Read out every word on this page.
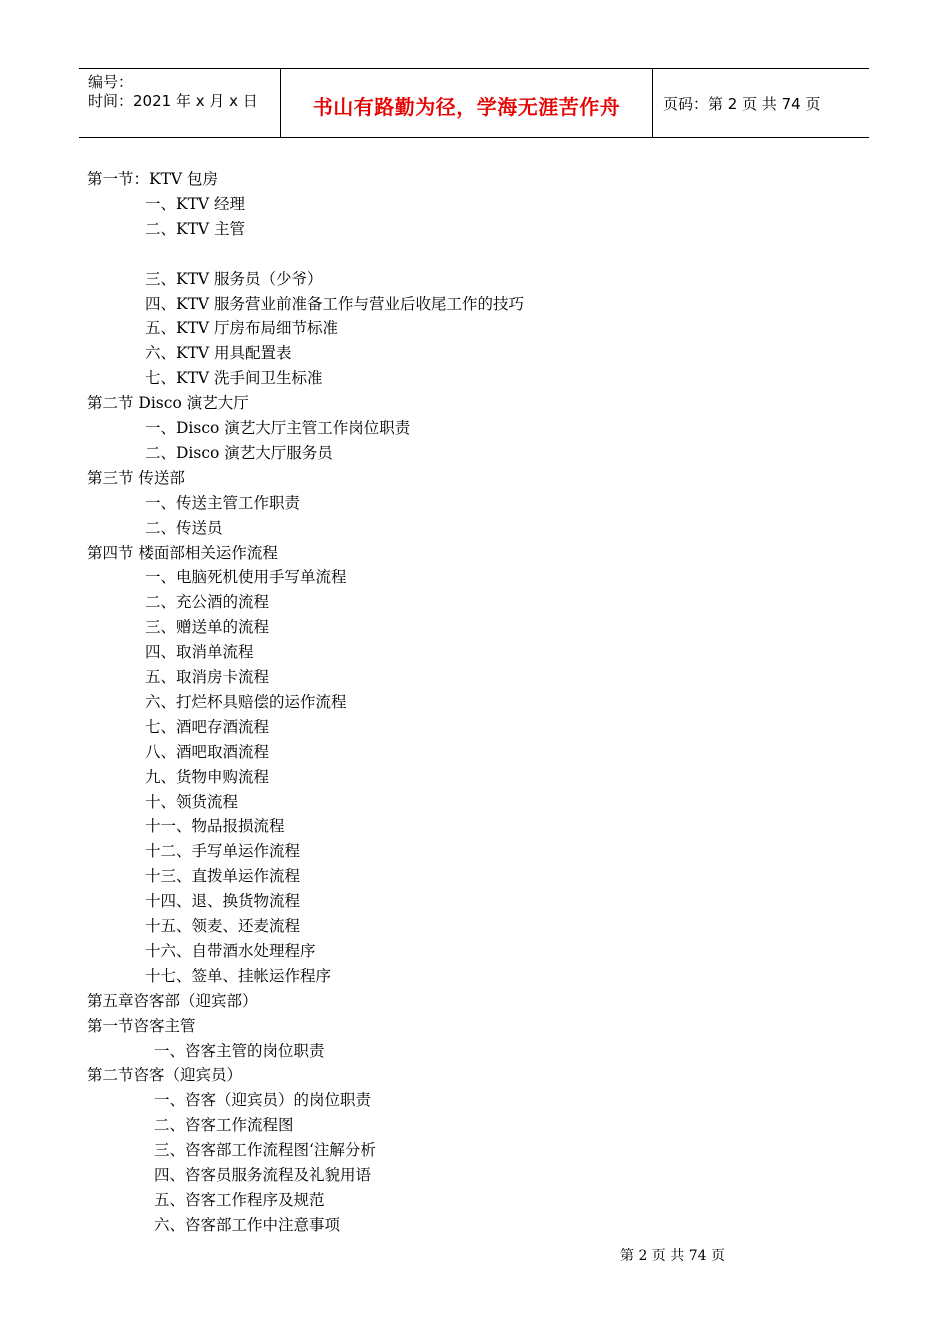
编号：
时间：2021 年 x 月 x 日	书山有路勤为径，学海无涯苦作舟	页码：第 2 页 共 74 页
第一节：KTV 包房
一、KTV 经理
二、KTV 主管
三、KTV 服务员（少爷）
四、KTV 服务营业前准备工作与营业后收尾工作的技巧
五、KTV 厅房布局细节标准
六、KTV 用具配置表
七、KTV 洗手间卫生标准
第二节 Disco 演艺大厅
一、Disco 演艺大厅主管工作岗位职责
二、Disco 演艺大厅服务员
第三节 传送部
一、传送主管工作职责
二、传送员
第四节 楼面部相关运作流程
一、电脑死机使用手写单流程
二、充公酒的流程
三、赠送单的流程
四、取消单流程
五、取消房卡流程
六、打烂杯具赔偿的运作流程
七、酒吧存酒流程
八、酒吧取酒流程
九、货物申购流程
十、领货流程
十一、物品报损流程
十二、手写单运作流程
十三、直拨单运作流程
十四、退、换货物流程
十五、领麦、还麦流程
十六、自带酒水处理程序
十七、签单、挂帐运作程序
第五章咨客部（迎宾部）
第一节咨客主管
一、咨客主管的岗位职责
第二节咨客（迎宾员）
一、咨客（迎宾员）的岗位职责
二、咨客工作流程图
三、咨客部工作流程图‘注解分析
四、咨客员服务流程及礼貌用语
五、咨客工作程序及规范
六、咨客部工作中注意事项
第 2 页 共 74 页
